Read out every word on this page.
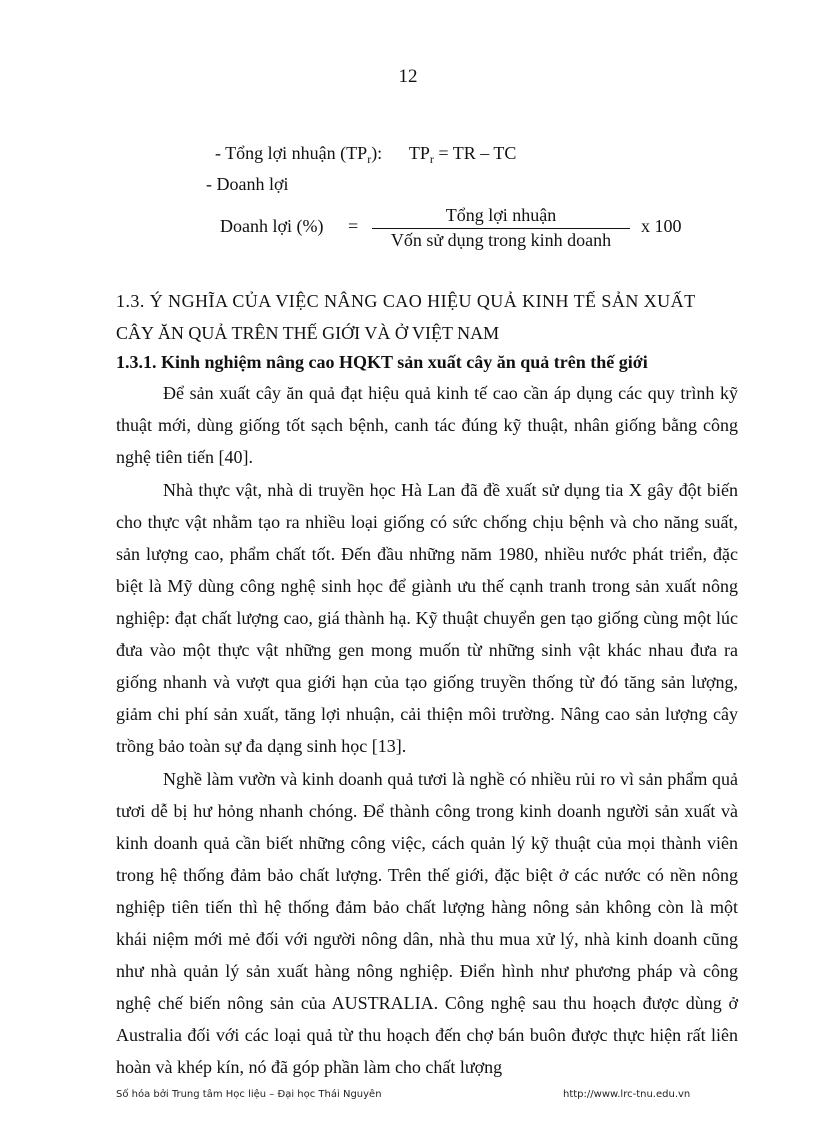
12
- Tổng lợi nhuận $(TP_r)$: $TP_r$ = TR – TC
- Doanh lợi
Doanh lợi (%) =
Tổng lợi nhuận
Vốn sử dụng trong kinh doanh
x 100
1.3. Ý NGHĨA CỦA VIỆC NÂNG CAO HIỆU QUẢ KINH TẾ SẢN XUẤT
CÂY ĂN QUẢ TRÊN THẾ GIỚI VÀ Ở VIỆT NAM
1.3.1. Kinh nghiệm nâng cao HQKT sản xuất cây ăn quả trên thế giới

Để sản xuất cây ăn quả đạt hiệu quả kinh tế cao cần áp dụng các quy trình kỹ thuật mới, dùng giống tốt sạch bệnh, canh tác đúng kỹ thuật, nhân giống bằng công nghệ tiên tiến [40].

Nhà thực vật, nhà di truyền học Hà Lan đã đề xuất sử dụng tia X gây đột biến cho thực vật nhằm tạo ra nhiều loại giống có sức chống chịu bệnh và cho năng suất, sản lượng cao, phẩm chất tốt. Đến đầu những năm 1980, nhiều nước phát triển, đặc biệt là Mỹ dùng công nghệ sinh học để giành ưu thế cạnh tranh trong sản xuất nông nghiệp: đạt chất lượng cao, giá thành hạ. Kỹ thuật chuyển gen tạo giống cùng một lúc đưa vào một thực vật những gen mong muốn từ những sinh vật khác nhau đưa ra giống nhanh và vượt qua giới hạn của tạo giống truyền thống từ đó tăng sản lượng, giảm chi phí sản xuất, tăng lợi nhuận, cải thiện môi trường. Nâng cao sản lượng cây trồng bảo toàn sự đa dạng sinh học [13].

Nghề làm vườn và kinh doanh quả tươi là nghề có nhiều rủi ro vì sản phẩm quả tươi dễ bị hư hỏng nhanh chóng. Để thành công trong kinh doanh người sản xuất và kinh doanh quả cần biết những công việc, cách quản lý kỹ thuật của mọi thành viên trong hệ thống đảm bảo chất lượng. Trên thế giới, đặc biệt ở các nước có nền nông nghiệp tiên tiến thì hệ thống đảm bảo chất lượng hàng nông sản không còn là một khái niệm mới mẻ đối với người nông dân, nhà thu mua xử lý, nhà kinh doanh cũng như nhà quản lý sản xuất hàng nông nghiệp. Điển hình như phương pháp và công nghệ chế biến nông sản của AUSTRALIA. Công nghệ sau thu hoạch được dùng ở Australia đối với các loại quả từ thu hoạch đến chợ bán buôn được thực hiện rất liên hoàn và khép kín, nó đã góp phần làm cho chất lượng

Số hóa bởi Trung tâm Học liệu – Đại học Thái Nguyên	http://www.lrc-tnu.edu.vn
